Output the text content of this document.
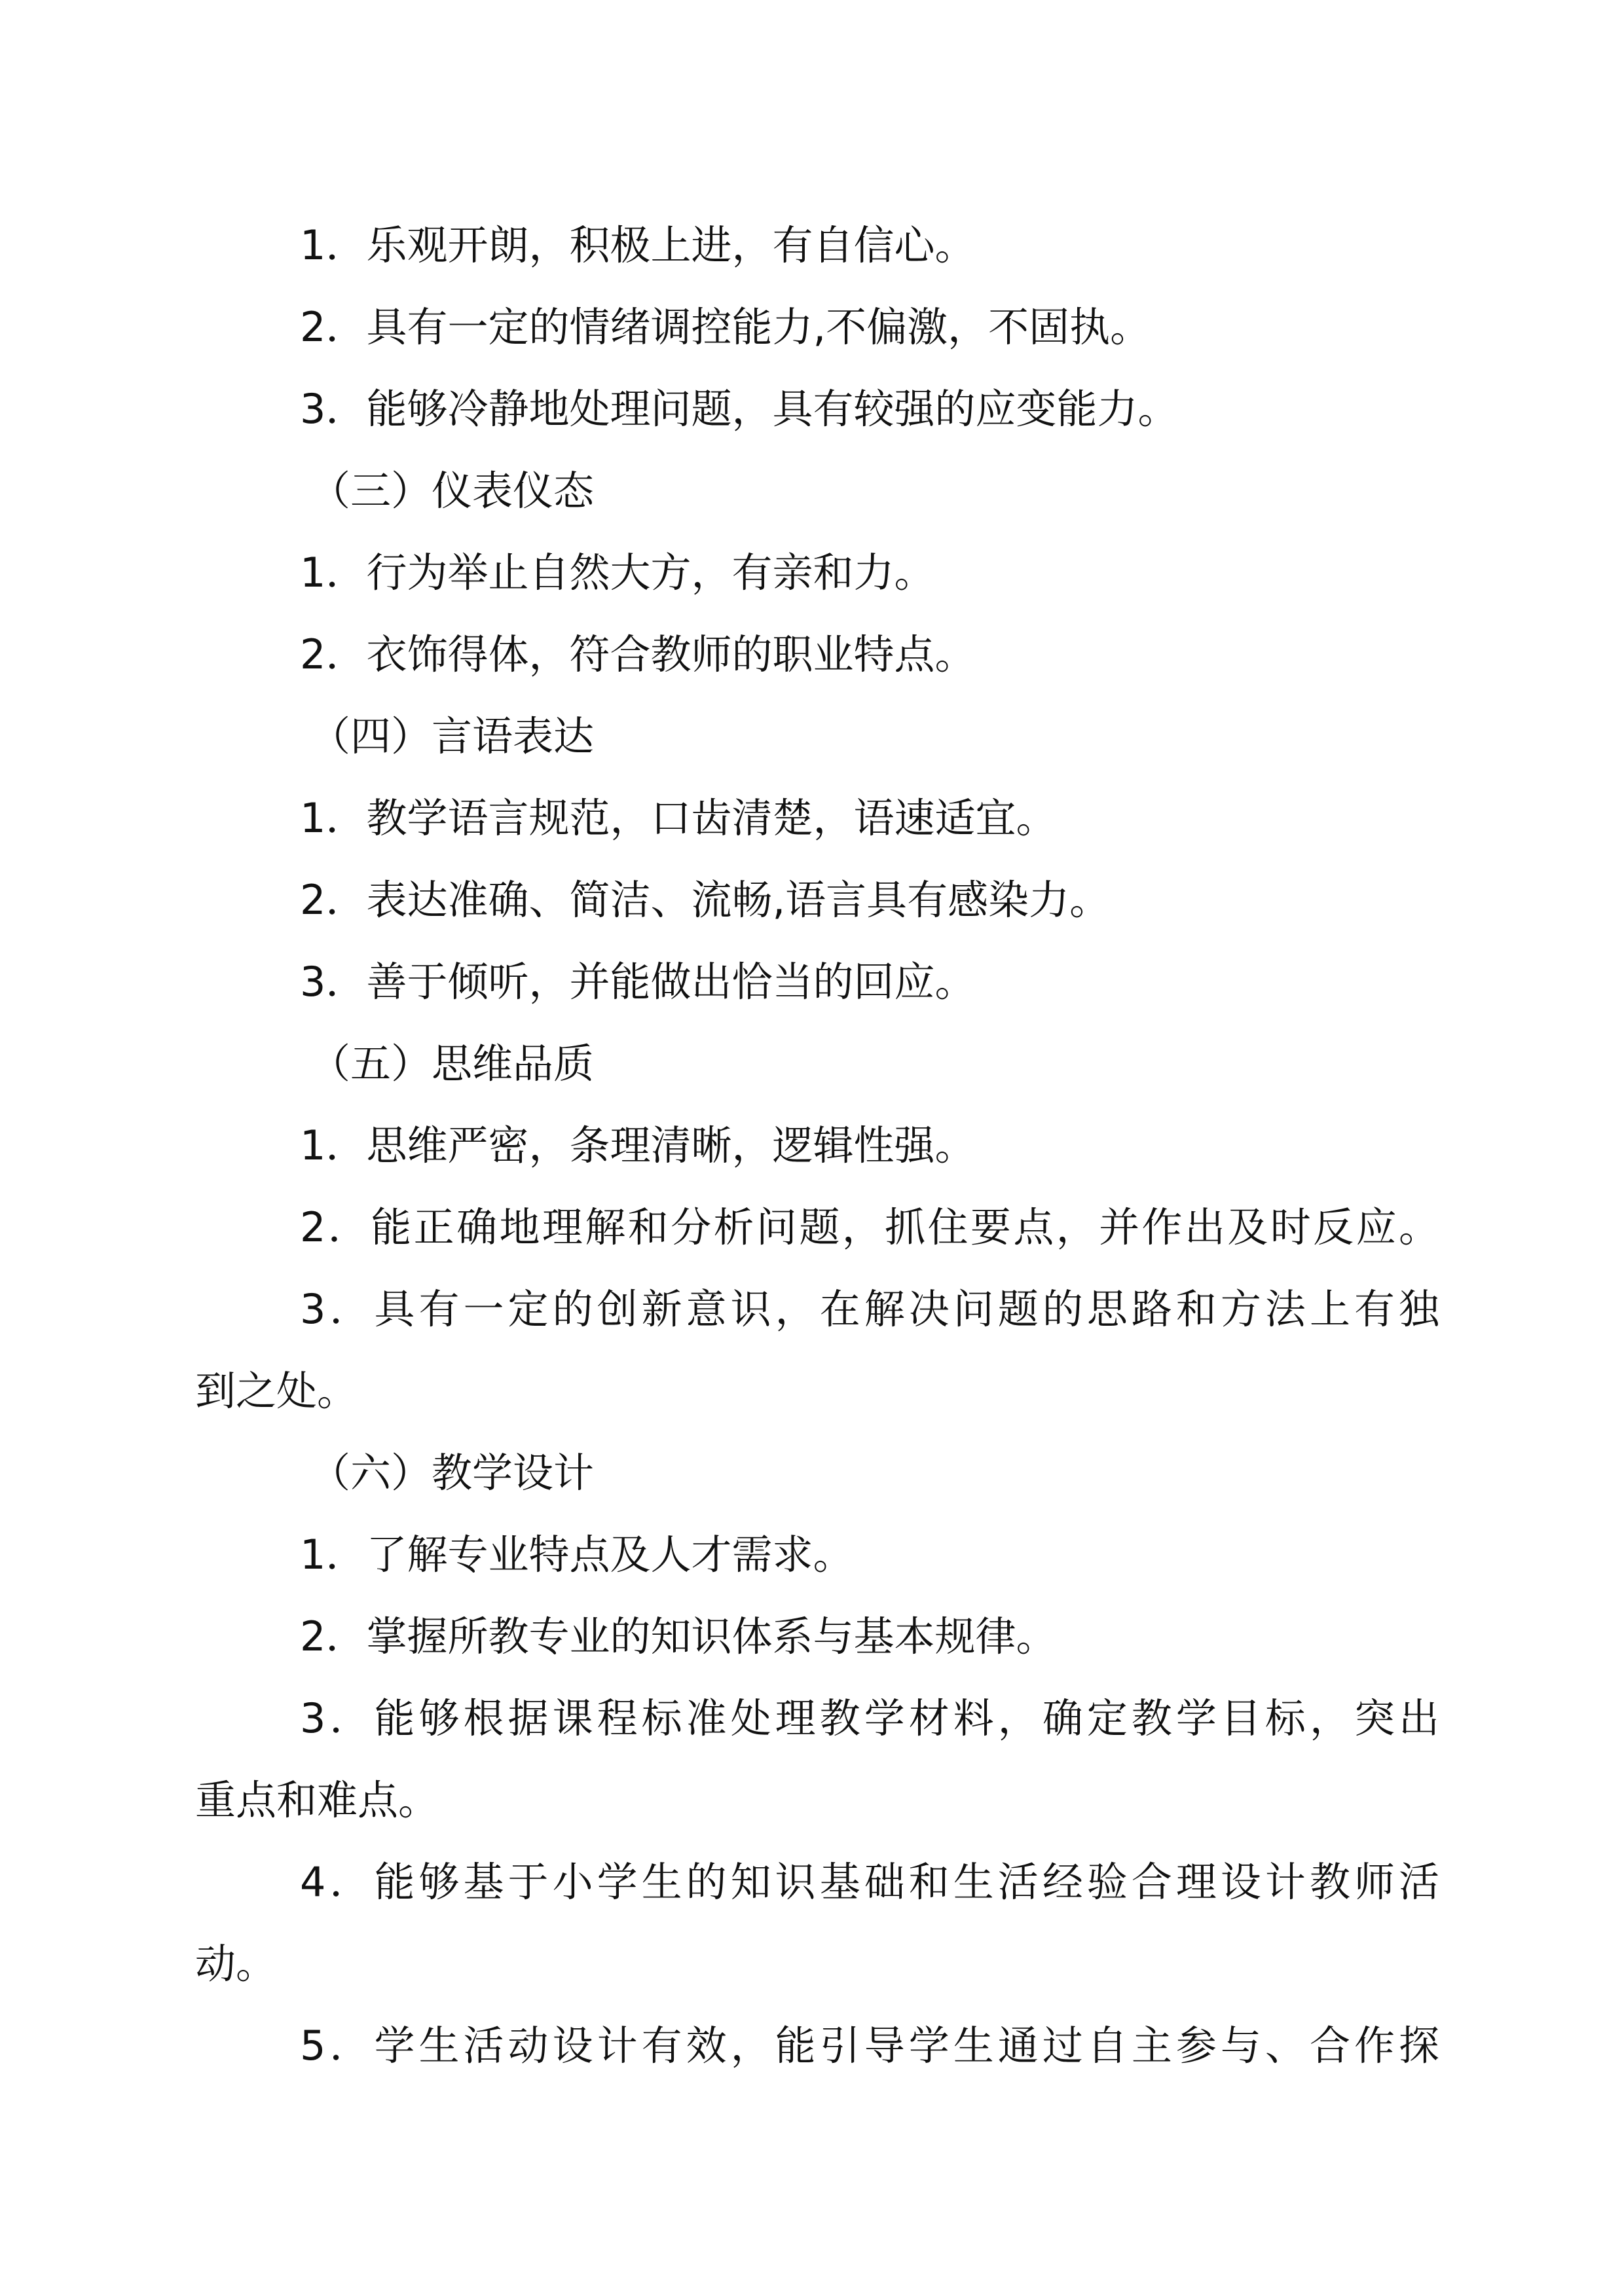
1．乐观开朗，积极上进，有自信心。
2．具有一定的情绪调控能力,不偏激，不固执。
3．能够冷静地处理问题，具有较强的应变能力。
（三）仪表仪态
1．行为举止自然大方，有亲和力。
2．衣饰得体，符合教师的职业特点。
（四）言语表达
1．教学语言规范，口齿清楚，语速适宜。
2．表达准确、简洁、流畅,语言具有感染力。
3．善于倾听，并能做出恰当的回应。
（五）思维品质
1．思维严密，条理清晰，逻辑性强。
2．能正确地理解和分析问题，抓住要点，并作出及时反应。
3．具有一定的创新意识，在解决问题的思路和方法上有独
到之处。
（六）教学设计
1．了解专业特点及人才需求。
2．掌握所教专业的知识体系与基本规律。
3．能够根据课程标准处理教学材料，确定教学目标，突出
重点和难点。
4．能够基于小学生的知识基础和生活经验合理设计教师活
动。
5．学生活动设计有效，能引导学生通过自主参与、合作探
